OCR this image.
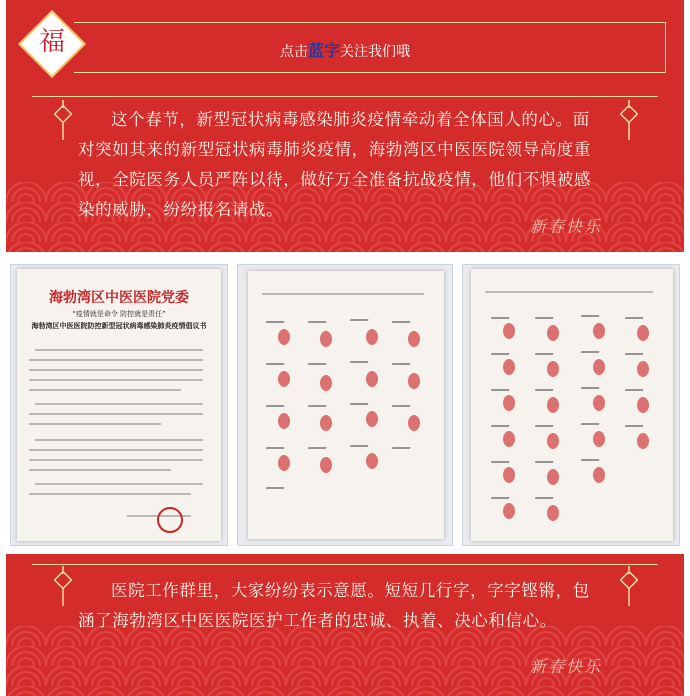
福	点击蓝字关注我们哦
这个春节，新型冠状病毒感染肺炎疫情牵动着全体国人的心。面对突如其来的新型冠状病毒肺炎疫情，海勃湾区中医医院领导高度重视，全院医务人员严阵以待，做好万全准备抗战疫情，他们不惧被感染的威胁，纷纷报名请战。
新春快乐
海勃湾区中医医院党委
“疫情就是命令 防控就是责任”
海勃湾区中医医院防控新型冠状病毒感染肺炎疫情倡议书
医院工作群里，大家纷纷表示意愿。短短几行字，字字铿锵，包涵了海勃湾区中医医院医护工作者的忠诚、执着、决心和信心。
新春快乐
